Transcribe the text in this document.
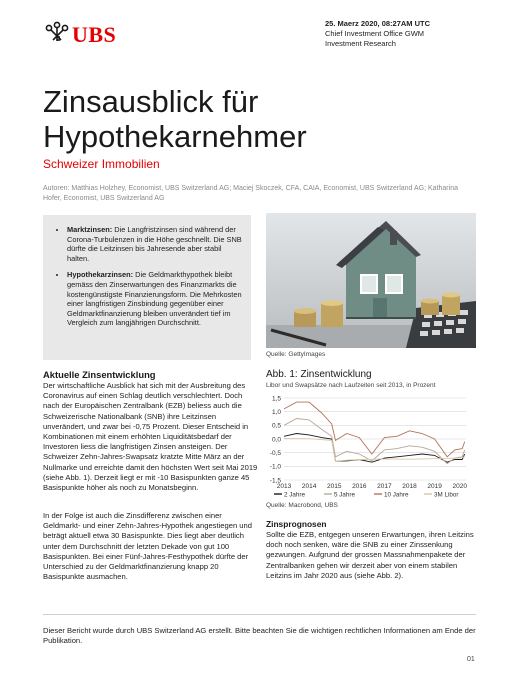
UBS	25. Maerz 2020, 08:27AM UTC
Chief Investment Office GWM
Investment Research
Zinsausblick für Hypothekarnehmer
Schweizer Immobilien
Autoren: Matthias Holzhey, Economist, UBS Switzerland AG; Maciej Skoczek, CFA, CAIA, Economist, UBS Switzerland AG; Katharina Hofer, Economist, UBS Switzerland AG
• Marktzinsen: Die Langfristzinsen sind während der Corona-Turbulenzen in die Höhe geschnellt. Die SNB dürfte die Leitzinsen bis Jahresende aber stabil halten.
• Hypothekarzinsen: Die Geldmarkthypothek bleibt gemäss den Zinserwartungen des Finanzmarkts die kostengünstigste Finanzierungsform. Die Mehrkosten einer langfristigen Zinsbindung gegenüber einer Geldmarktfinanzierung bleiben unverändert tief im Vergleich zum langjährigen Durchschnitt.
Quelle: GettyImages
Aktuelle Zinsentwicklung
Der wirtschaftliche Ausblick hat sich mit der Ausbreitung des Coronavirus auf einen Schlag deutlich verschlechtert. Doch nach der Europäischen Zentralbank (EZB) beliess auch die Schweizerische Nationalbank (SNB) ihre Leitzinsen unverändert, und zwar bei -0,75 Prozent. Dieser Entscheid in Kombinationen mit einem erhöhten Liquiditätsbedarf der Investoren liess die langfristigen Zinsen ansteigen. Der Schweizer Zehn-Jahres-Swapsatz kratzte Mitte März an der Nullmarke und erreichte damit den höchsten Wert seit Mai 2019 (siehe Abb. 1). Derzeit liegt er mit -10 Basispunkten ganze 45 Basispunkte höher als noch zu Monatsbeginn.
In der Folge ist auch die Zinsdifferenz zwischen einer Geldmarkt- und einer Zehn-Jahres-Hypothek angestiegen und beträgt aktuell etwa 30 Basispunkte. Dies liegt aber deutlich unter dem Durchschnitt der letzten Dekade von gut 100 Basispunkten. Bei einer Fünf-Jahres-Festhypothek dürfte der Unterschied zu der Geldmarktfinanzierung knapp 20 Basispunkte ausmachen.
Abb. 1: Zinsentwicklung
Libor und Swapsätze nach Laufzeiten seit 2013, in Prozent
1,5
1,0
0,5
0,0
-0,5
-1,0
-1,5
2013 2014 2015 2016 2017 2018 2019 2020
2 Jahre	5 Jahre	10 Jahre	3M Libor
Quelle: Macrobond, UBS
Zinsprognosen
Sollte die EZB, entgegen unseren Erwartungen, ihren Leitzins doch noch senken, wäre die SNB zu einer Zinssenkung gezwungen. Aufgrund der grossen Massnahmenpakete der Zentralbanken gehen wir derzeit aber von einem stabilen Leitzins im Jahr 2020 aus (siehe Abb. 2).
Dieser Bericht wurde durch UBS Switzerland AG erstellt. Bitte beachten Sie die wichtigen rechtlichen Informationen am Ende der Publikation.
01
